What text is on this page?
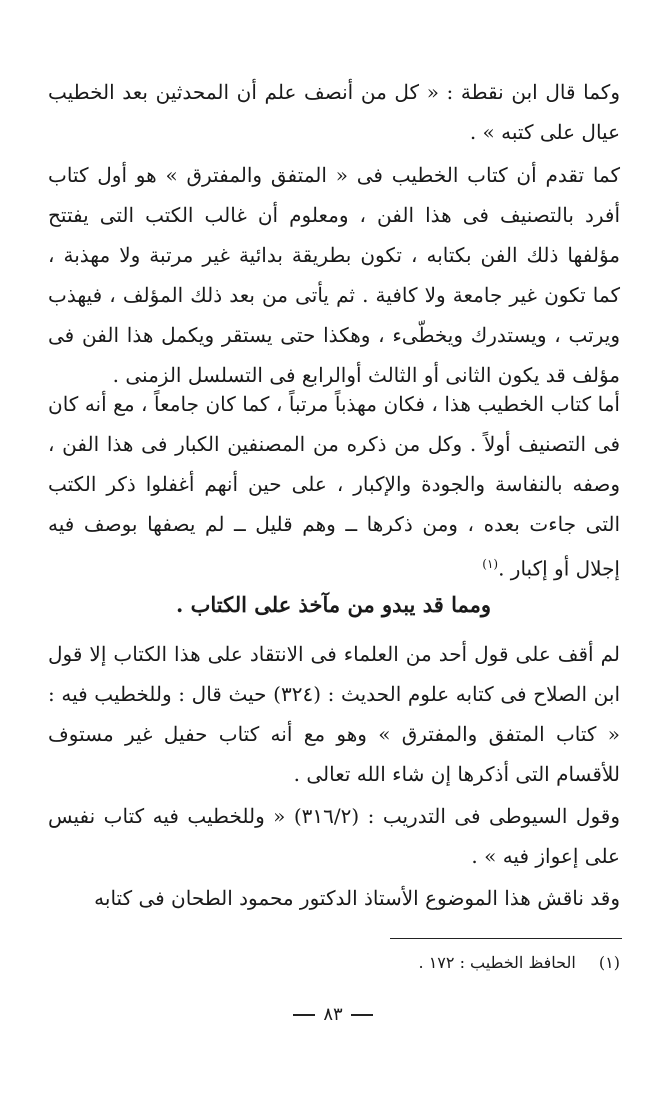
وكما قال ابن نقطة : « كل من أنصف علم أن المحدثين بعد الخطيب عيال على كتبه » .

كما تقدم أن كتاب الخطيب فى « المتفق والمفترق » هو أول كتاب أفرد بالتصنيف فى هذا الفن ، ومعلوم أن غالب الكتب التى يفتتح مؤلفها ذلك الفن بكتابه ، تكون بطريقة بدائية غير مرتبة ولا مهذبة ، كما تكون غير جامعة ولا كافية . ثم يأتى من بعد ذلك المؤلف ، فيهذب ويرتب ، ويستدرك ويخطّىء ، وهكذا حتى يستقر ويكمل هذا الفن فى مؤلف قد يكون الثانى أو الثالث أوالرابع فى التسلسل الزمنى .

أما كتاب الخطيب هذا ، فكان مهذباً مرتباً ، كما كان جامعاً ، مع أنه كان فى التصنيف أولاً . وكل من ذكره من المصنفين الكبار فى هذا الفن ، وصفه بالنفاسة والجودة والإكبار ، على حين أنهم أغفلوا ذكر الكتب التى جاءت بعده ، ومن ذكرها ــ وهم قليل ــ لم يصفها بوصف فيه إجلال أو إكبار .$^{(١)}$

ومما قد يبدو من مآخذ على الكتاب .

لم أقف على قول أحد من العلماء فى الانتقاد على هذا الكتاب إلا قول ابن الصلاح فى كتابه علوم الحديث : (٣٢٤) حيث قال : وللخطيب فيه : « كتاب المتفق والمفترق » وهو مع أنه كتاب حفيل غير مستوف للأقسام التى أذكرها إن شاء الله تعالى .

وقول السيوطى فى التدريب : (٣١٦/٢) « وللخطيب فيه كتاب نفيس على إعواز فيه » .

وقد ناقش هذا الموضوع الأستاذ الدكتور محمود الطحان فى كتابه

(١) الحافظ الخطيب : ١٧٢ .

٨٣
